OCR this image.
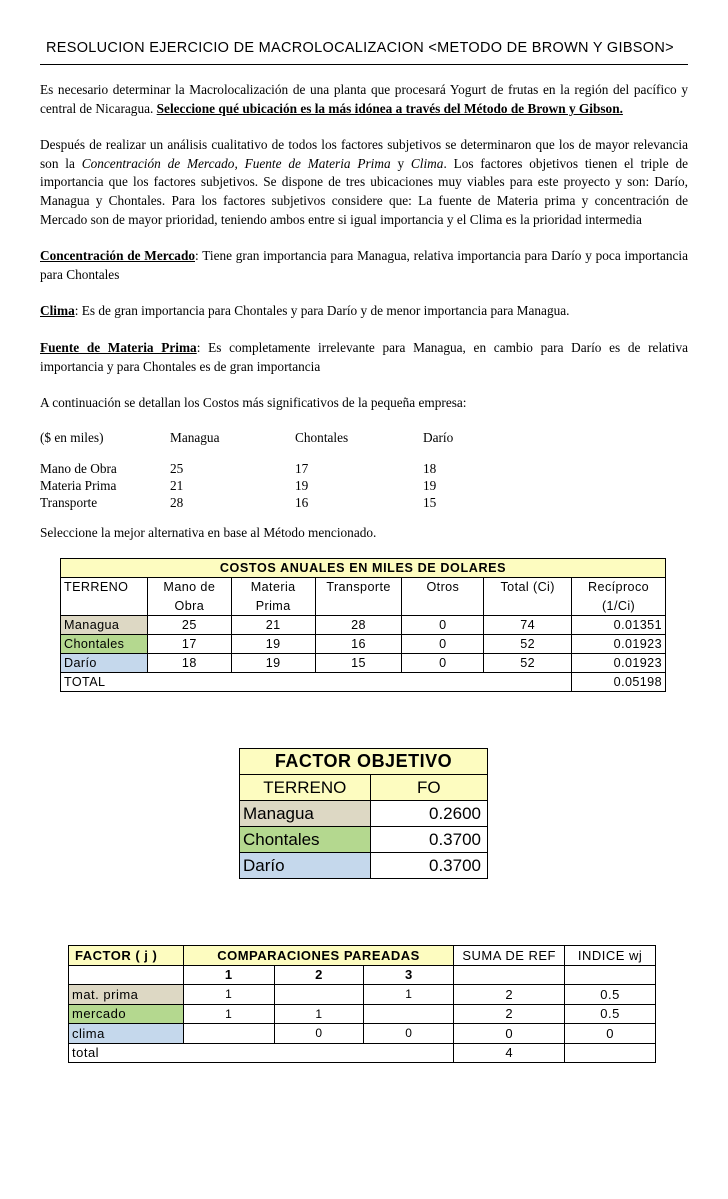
RESOLUCION EJERCICIO DE MACROLOCALIZACION <METODO DE BROWN Y GIBSON>

Es necesario determinar la Macrolocalización de una planta que procesará Yogurt de frutas en la región del pacífico y central de Nicaragua. Seleccione qué ubicación es la más idónea a través del Método de Brown y Gibson.

Después de realizar un análisis cualitativo de todos los factores subjetivos se determinaron que los de mayor relevancia son la Concentración de Mercado, Fuente de Materia Prima y Clima. Los factores objetivos tienen el triple de importancia que los factores subjetivos. Se dispone de tres ubicaciones muy viables para este proyecto y son: Darío, Managua y Chontales. Para los factores subjetivos considere que: La fuente de Materia prima y concentración de Mercado son de mayor prioridad, teniendo ambos entre si igual importancia y el Clima es la prioridad intermedia

Concentración de Mercado: Tiene gran importancia para Managua, relativa importancia para Darío y poca importancia para Chontales

Clima: Es de gran importancia para Chontales y para Darío y de menor importancia para Managua.

Fuente de Materia Prima: Es completamente irrelevante para Managua, en cambio para Darío es de relativa importancia y para Chontales es de gran importancia

A continuación se detallan los Costos más significativos de la pequeña empresa:

($ en miles)	Managua	Chontales	Darío
Mano de Obra	25	17	18
Materia Prima	21	19	19
Transporte	28	16	15
Seleccione la mejor alternativa en base al Método mencionado.
COSTOS ANUALES EN MILES DE DOLARES						
TERRENO	Mano de	Materia	Transporte	Otros	Total (Ci)	Recíproco
	Obra	Prima				(1/Ci)
Managua	25	21	28	0	74	0.01351
Chontales	17	19	16	0	52	0.01923
Darío	18	19	15	0	52	0.01923
TOTAL						0.05198
FACTOR OBJETIVO	
TERRENO	FO
Managua	0.2600
Chontales	0.3700
Darío	0.3700
FACTOR ( j )	COMPARACIONES PAREADAS			SUMA DE REF	INDICE wj
	1	2	3		
mat. prima	1		1	2	0.5
mercado	1	1		2	0.5
clima		0	0	0	0
total				4	
